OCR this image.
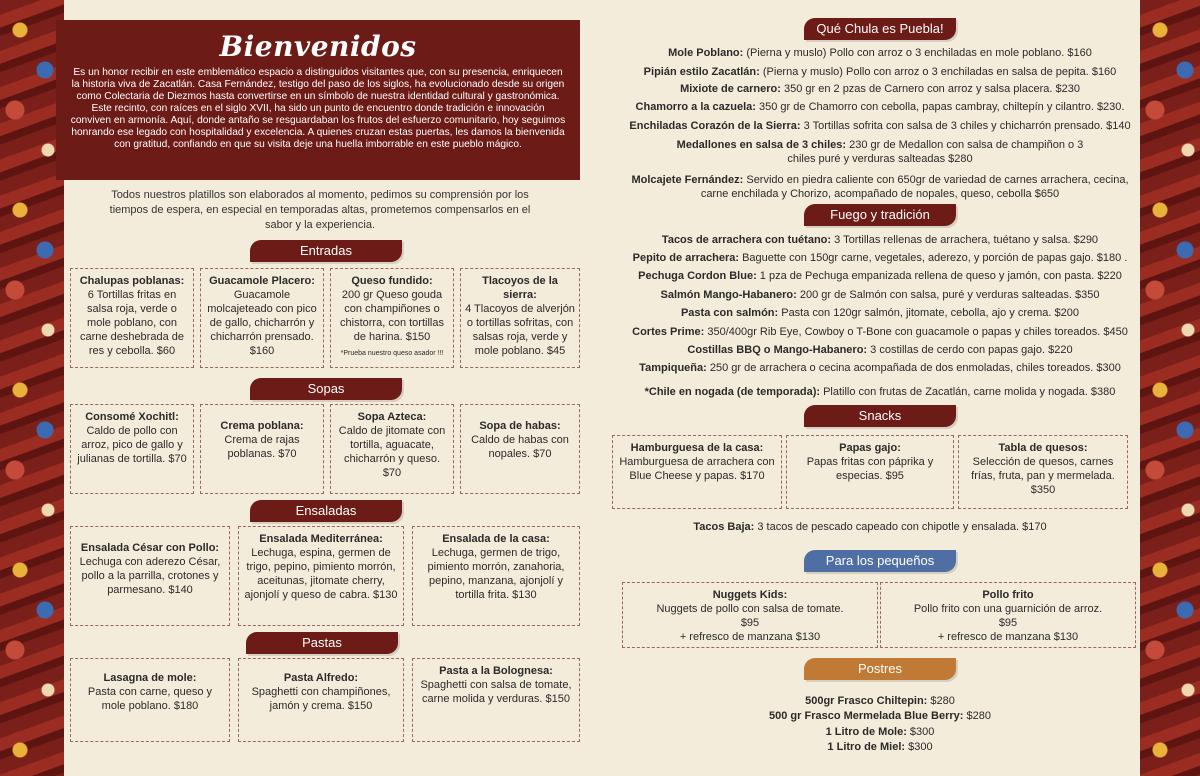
Bienvenidos

Es un honor recibir en este emblemático espacio a distinguidos visitantes que, con su presencia, enriquecen la historia viva de Zacatlán. Casa Fernández, testigo del paso de los siglos, ha evolucionado desde su origen como Colectaria de Diezmos hasta convertirse en un símbolo de nuestra identidad cultural y gastronómica.

Este recinto, con raíces en el siglo XVII, ha sido un punto de encuentro donde tradición e innovación conviven en armonía. Aquí, donde antaño se resguardaban los frutos del esfuerzo comunitario, hoy seguimos honrando ese legado con hospitalidad y excelencia. A quienes cruzan estas puertas, les damos la bienvenida con gratitud, confiando en que su visita deje una huella imborrable en este pueblo mágico.

Todos nuestros platillos son elaborados al momento, pedimos su comprensión por los tiempos de espera, en especial en temporadas altas, prometemos compensarlos en el sabor y la experiencia.
Entradas
Chalupas poblanas:
6 Tortillas fritas en salsa roja, verde o mole poblano, con carne deshebrada de res y cebolla. $60
Guacamole Placero:
Guacamole molcajeteado con pico de gallo, chicharrón y chicharrón prensado. $160
Queso fundido:
200 gr Queso gouda con champiñones o chistorra, con tortillas de harina. $150
*Prueba nuestro queso asador !!!
Tlacoyos de la sierra:
4 Tlacoyos de alverjón o tortillas sofritas, con salsas roja, verde y mole poblano. $45
Sopas
Consomé Xochitl:
Caldo de pollo con arroz, pico de gallo y julianas de tortilla. $70
Crema poblana:
Crema de rajas poblanas. $70
Sopa Azteca:
Caldo de jitomate con tortilla, aguacate, chicharrón y queso. $70
Sopa de habas:
Caldo de habas con nopales. $70
Ensaladas
Ensalada César con Pollo:
Lechuga con aderezo César, pollo a la parrilla, crotones y parmesano. $140
Ensalada Mediterránea:
Lechuga, espina, germen de trigo, pepino, pimiento morrón, aceitunas, jitomate cherry, ajonjolí y queso de cabra. $130
Ensalada de la casa:
Lechuga, germen de trigo, pimiento morrón, zanahoria, pepino, manzana, ajonjolí y tortilla frita. $130
Pastas
Lasagna de mole:
Pasta con carne, queso y mole poblano. $180
Pasta Alfredo:
Spaghetti con champiñones, jamón y crema. $150
Pasta a la Bolognesa:
Spaghetti con salsa de tomate, carne molida y verduras. $150
Qué Chula es Puebla!
Mole Poblano: (Pierna y muslo) Pollo con arroz o 3 enchiladas en mole poblano. $160
Pipián estilo Zacatlán: (Pierna y muslo) Pollo con arroz o 3 enchiladas en salsa de pepita. $160
Mixiote de carnero: 350 gr en 2 pzas de Carnero con arroz y salsa placera. $230
Chamorro a la cazuela: 350 gr de Chamorro con cebolla, papas cambray, chiltepín y cilantro. $230.
Enchiladas Corazón de la Sierra: 3 Tortillas sofrita con salsa de 3 chiles y chicharrón prensado. $140
Medallones en salsa de 3 chiles: 230 gr de Medallon con salsa de champiñon o 3 chiles puré y verduras salteadas $280
Molcajete Fernández: Servido en piedra caliente con 650gr de variedad de carnes arrachera, cecina, carne enchilada y Chorizo, acompañado de nopales, queso, cebolla $650
Fuego y tradición
Tacos de arrachera con tuétano: 3 Tortillas rellenas de arrachera, tuétano y salsa. $290
Pepito de arrachera: Baguette con 150gr carne, vegetales, aderezo, y porción de papas gajo. $180 .
Pechuga Cordon Blue: 1 pza de Pechuga empanizada rellena de queso y jamón, con pasta. $220
Salmón Mango-Habanero: 200 gr de Salmón con salsa, puré y verduras salteadas. $350
Pasta con salmón: Pasta con 120gr salmón, jitomate, cebolla, ajo y crema. $200
Cortes Prime: 350/400gr Rib Eye, Cowboy o T-Bone con guacamole o papas y chiles toreados. $450
Costillas BBQ o Mango-Habanero: 3 costillas de cerdo con papas gajo. $220
Tampiqueña: 250 gr de arrachera o cecina acompañada de dos enmoladas, chiles toreados. $300
*Chile en nogada (de temporada): Platillo con frutas de Zacatlán, carne molida y nogada. $380
Snacks
Hamburguesa de la casa:
Hamburguesa de arrachera con Blue Cheese y papas. $170
Papas gajo:
Papas fritas con páprika y especias. $95
Tabla de quesos:
Selección de quesos, carnes frías, fruta, pan y mermelada. $350
Tacos Baja: 3 tacos de pescado capeado con chipotle y ensalada. $170
Para los pequeños
Nuggets Kids:
Nuggets de pollo con salsa de tomate.
$95
+ refresco de manzana $130
Pollo frito
Pollo frito con una guarnición de arroz.
$95
+ refresco de manzana $130
Postres
500gr Frasco Chiltepin: $280
500 gr Frasco Mermelada Blue Berry: $280
1 Litro de Mole: $300
1 Litro de Miel: $300
